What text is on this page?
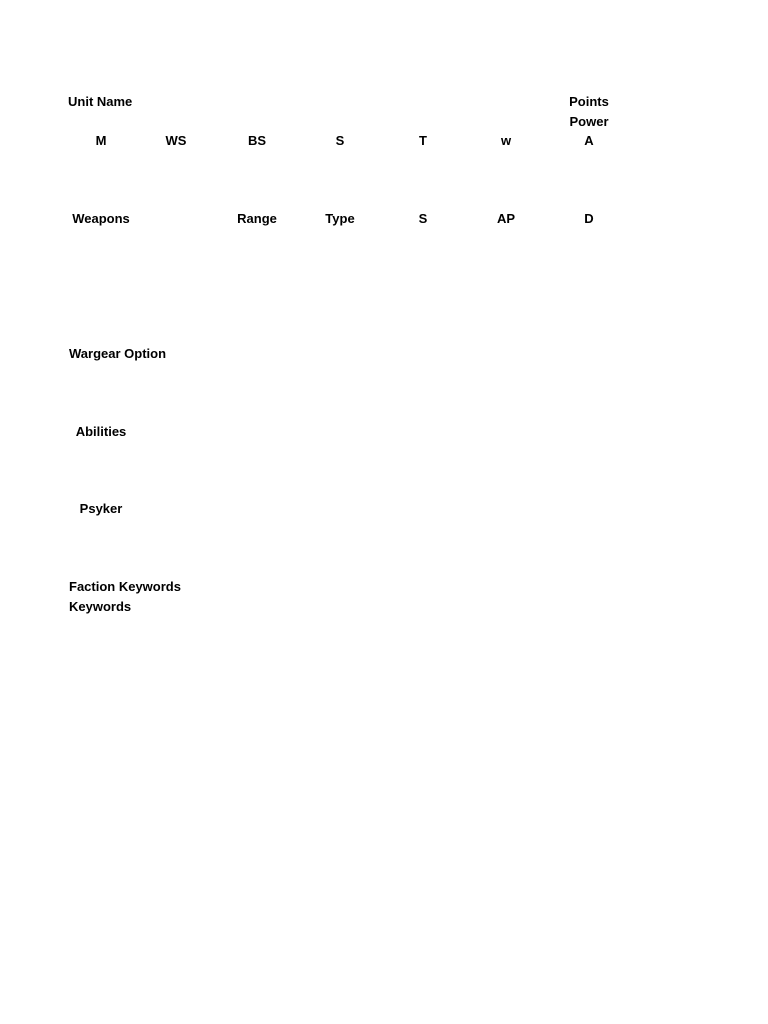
Unit Name	Points
Power
M	WS	BS	S	T	w	A
Weapons	Range	Type	S	AP	D
Wargear Option
Abilities
Psyker
Faction Keywords
Keywords
